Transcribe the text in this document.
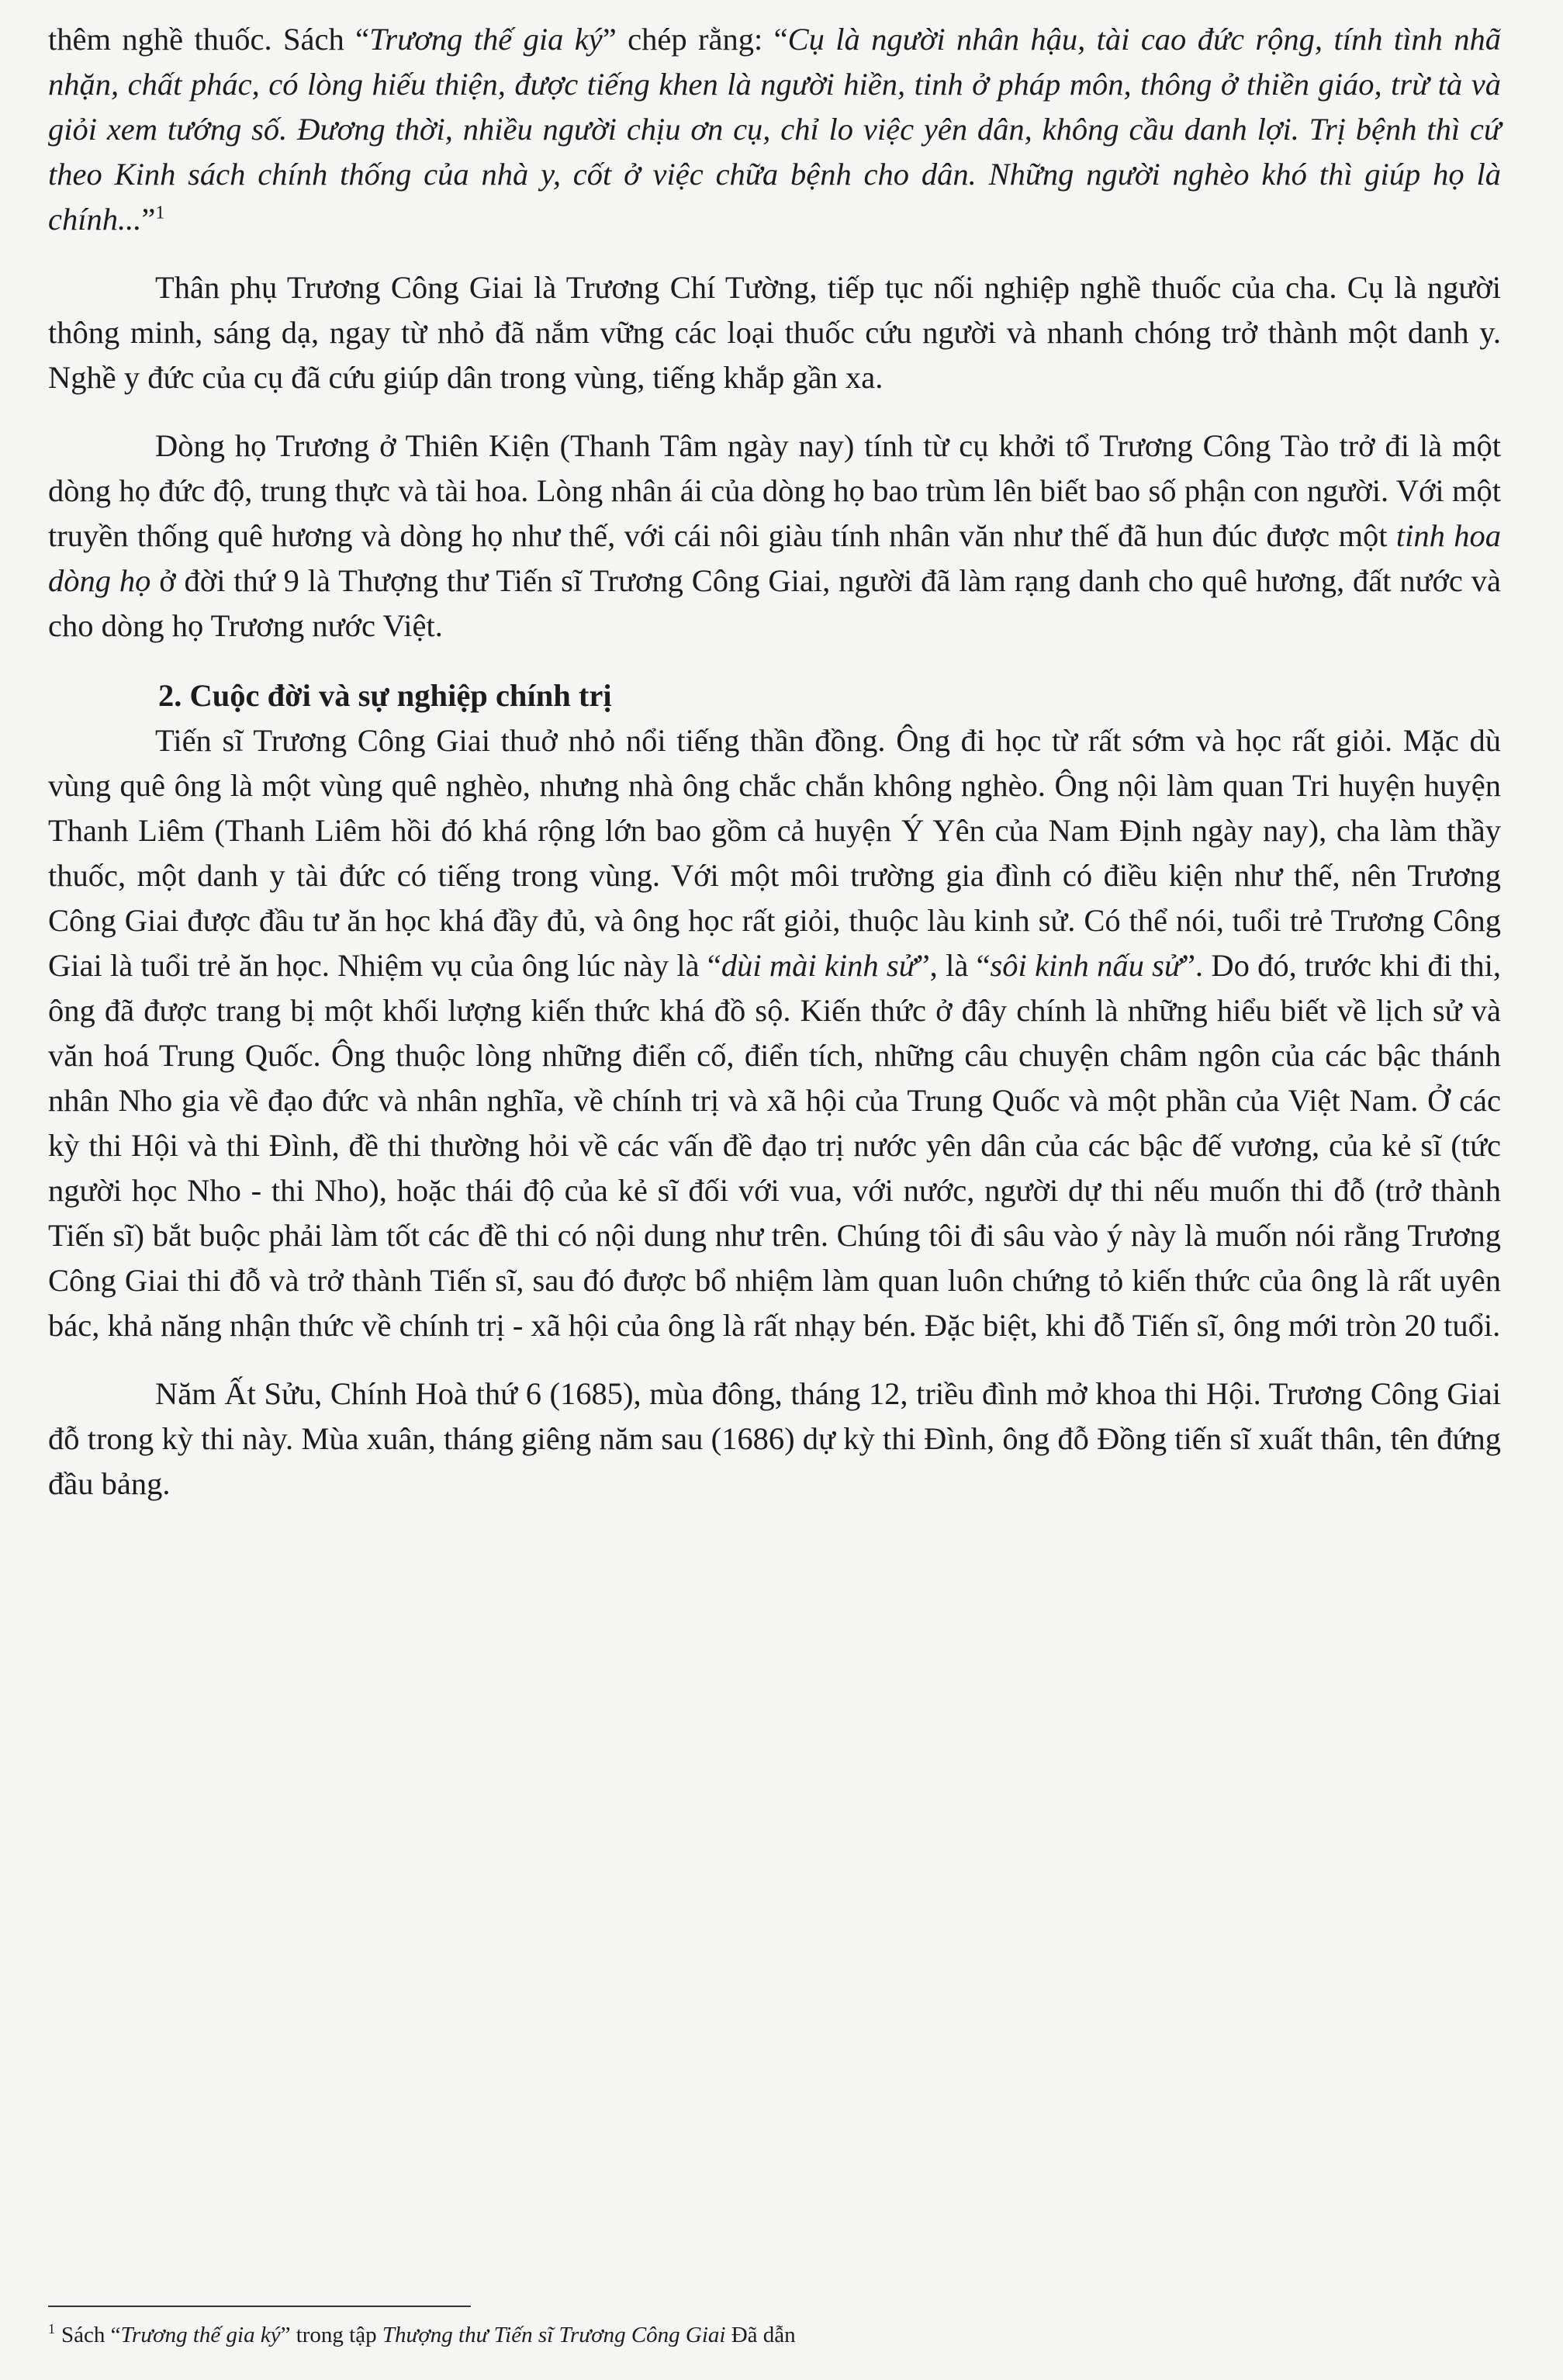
thêm nghề thuốc. Sách “Trương thế gia ký” chép rằng: “Cụ là người nhân hậu, tài cao đức rộng, tính tình nhã nhặn, chất phác, có lòng hiếu thiện, được tiếng khen là người hiền, tinh ở pháp môn, thông ở thiền giáo, trừ tà và giỏi xem tướng số. Đương thời, nhiều người chịu ơn cụ, chỉ lo việc yên dân, không cầu danh lợi. Trị bệnh thì cứ theo Kinh sách chính thống của nhà y, cốt ở việc chữa bệnh cho dân. Những người nghèo khó thì giúp họ là chính...”$^1$

Thân phụ Trương Công Giai là Trương Chí Tường, tiếp tục nối nghiệp nghề thuốc của cha. Cụ là người thông minh, sáng dạ, ngay từ nhỏ đã nắm vững các loại thuốc cứu người và nhanh chóng trở thành một danh y. Nghề y đức của cụ đã cứu giúp dân trong vùng, tiếng khắp gần xa.

Dòng họ Trương ở Thiên Kiện (Thanh Tâm ngày nay) tính từ cụ khởi tổ Trương Công Tào trở đi là một dòng họ đức độ, trung thực và tài hoa. Lòng nhân ái của dòng họ bao trùm lên biết bao số phận con người. Với một truyền thống quê hương và dòng họ như thế, với cái nôi giàu tính nhân văn như thế đã hun đúc được một tinh hoa dòng họ ở đời thứ 9 là Thượng thư Tiến sĩ Trương Công Giai, người đã làm rạng danh cho quê hương, đất nước và cho dòng họ Trương nước Việt.

2. Cuộc đời và sự nghiệp chính trị

Tiến sĩ Trương Công Giai thuở nhỏ nổi tiếng thần đồng. Ông đi học từ rất sớm và học rất giỏi. Mặc dù vùng quê ông là một vùng quê nghèo, nhưng nhà ông chắc chắn không nghèo. Ông nội làm quan Tri huyện huyện Thanh Liêm (Thanh Liêm hồi đó khá rộng lớn bao gồm cả huyện Ý Yên của Nam Định ngày nay), cha làm thầy thuốc, một danh y tài đức có tiếng trong vùng. Với một môi trường gia đình có điều kiện như thế, nên Trương Công Giai được đầu tư ăn học khá đầy đủ, và ông học rất giỏi, thuộc làu kinh sử. Có thể nói, tuổi trẻ Trương Công Giai là tuổi trẻ ăn học. Nhiệm vụ của ông lúc này là “dùi mài kinh sử”, là “sôi kinh nấu sử”. Do đó, trước khi đi thi, ông đã được trang bị một khối lượng kiến thức khá đồ sộ. Kiến thức ở đây chính là những hiểu biết về lịch sử và văn hoá Trung Quốc. Ông thuộc lòng những điển cố, điển tích, những câu chuyện châm ngôn của các bậc thánh nhân Nho gia về đạo đức và nhân nghĩa, về chính trị và xã hội của Trung Quốc và một phần của Việt Nam. Ở các kỳ thi Hội và thi Đình, đề thi thường hỏi về các vấn đề đạo trị nước yên dân của các bậc đế vương, của kẻ sĩ (tức người học Nho - thi Nho), hoặc thái độ của kẻ sĩ đối với vua, với nước, người dự thi nếu muốn thi đỗ (trở thành Tiến sĩ) bắt buộc phải làm tốt các đề thi có nội dung như trên. Chúng tôi đi sâu vào ý này là muốn nói rằng Trương Công Giai thi đỗ và trở thành Tiến sĩ, sau đó được bổ nhiệm làm quan luôn chứng tỏ kiến thức của ông là rất uyên bác, khả năng nhận thức về chính trị - xã hội của ông là rất nhạy bén. Đặc biệt, khi đỗ Tiến sĩ, ông mới tròn 20 tuổi.

Năm Ất Sửu, Chính Hoà thứ 6 (1685), mùa đông, tháng 12, triều đình mở khoa thi Hội. Trương Công Giai đỗ trong kỳ thi này. Mùa xuân, tháng giêng năm sau (1686) dự kỳ thi Đình, ông đỗ Đồng tiến sĩ xuất thân, tên đứng đầu bảng.

$^1$ Sách “Trương thế gia ký” trong tập Thượng thư Tiến sĩ Trương Công Giai Đã dẫn
